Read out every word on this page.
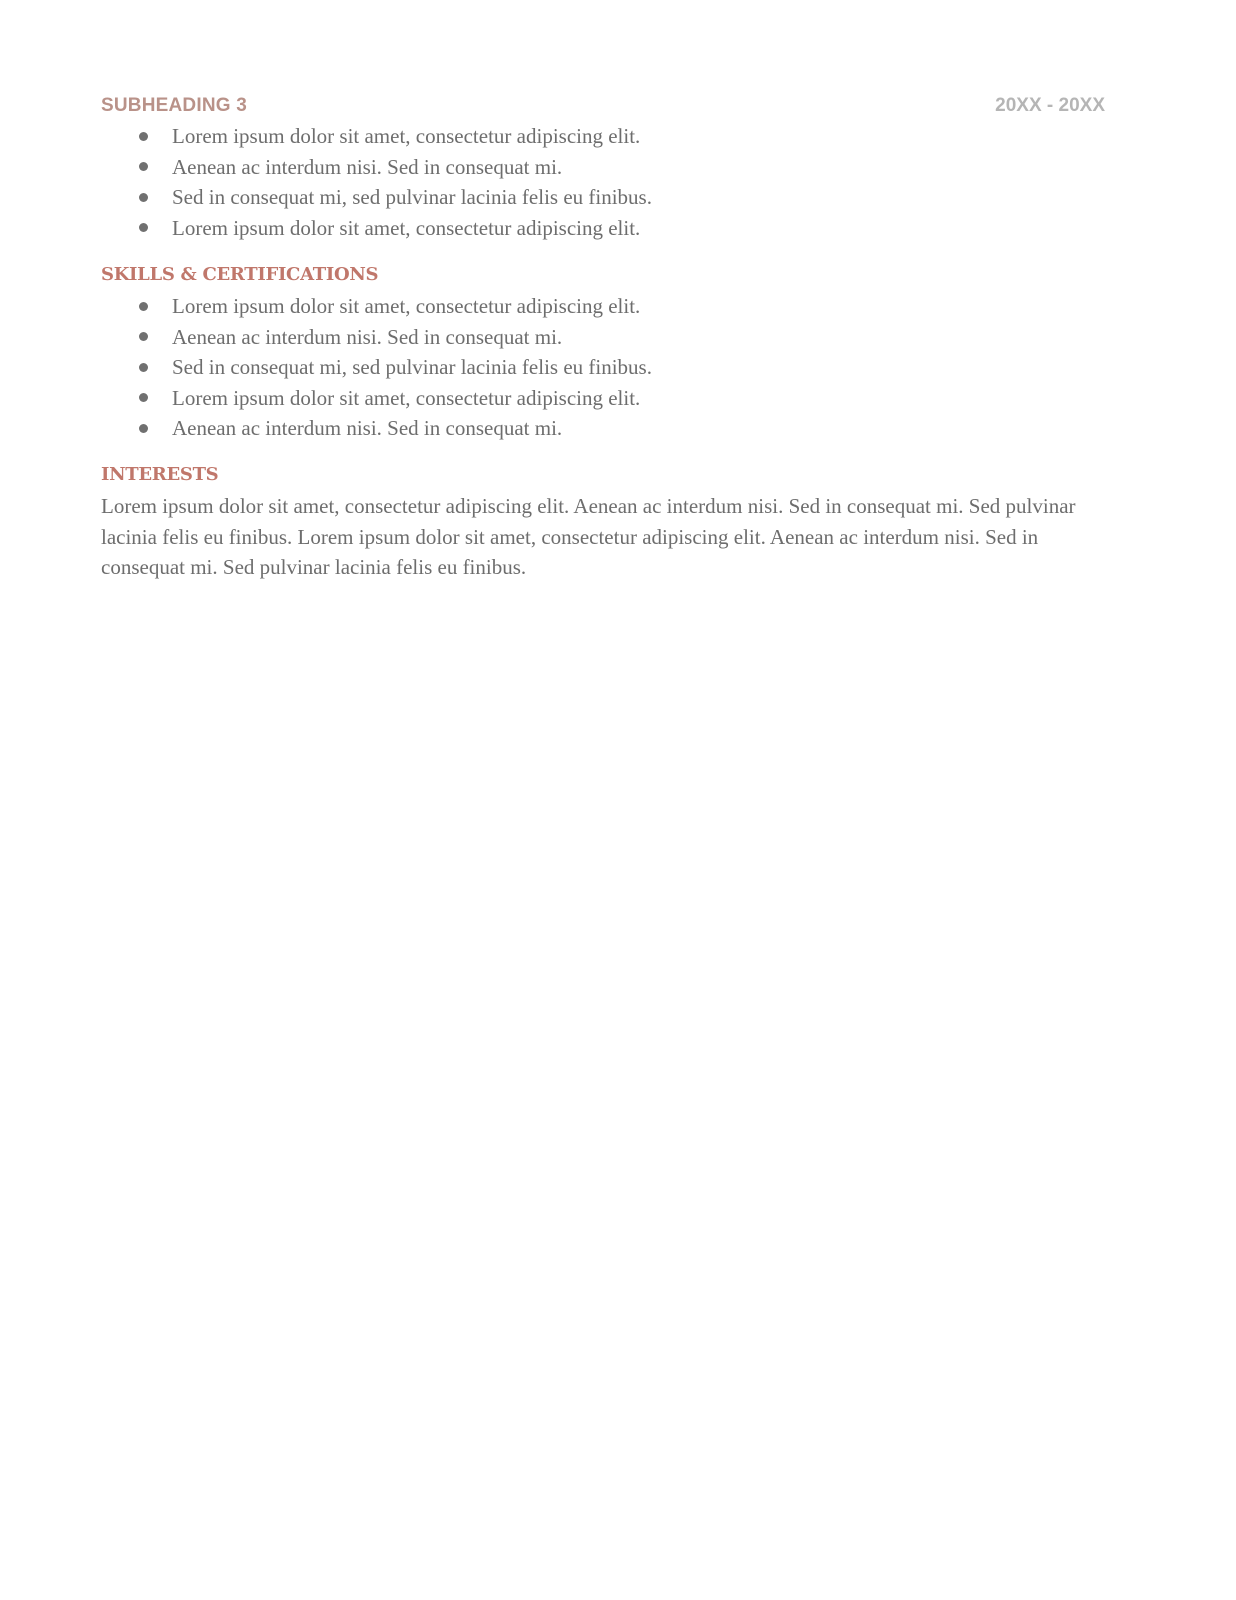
SUBHEADING 3	20XX - 20XX
Lorem ipsum dolor sit amet, consectetur adipiscing elit.
Aenean ac interdum nisi. Sed in consequat mi.
Sed in consequat mi, sed pulvinar lacinia felis eu finibus.
Lorem ipsum dolor sit amet, consectetur adipiscing elit.
SKILLS & CERTIFICATIONS
Lorem ipsum dolor sit amet, consectetur adipiscing elit.
Aenean ac interdum nisi. Sed in consequat mi.
Sed in consequat mi, sed pulvinar lacinia felis eu finibus.
Lorem ipsum dolor sit amet, consectetur adipiscing elit.
Aenean ac interdum nisi. Sed in consequat mi.
INTERESTS

Lorem ipsum dolor sit amet, consectetur adipiscing elit. Aenean ac interdum nisi. Sed in consequat mi. Sed pulvinar lacinia felis eu finibus. Lorem ipsum dolor sit amet, consectetur adipiscing elit. Aenean ac interdum nisi. Sed in consequat mi. Sed pulvinar lacinia felis eu finibus.
